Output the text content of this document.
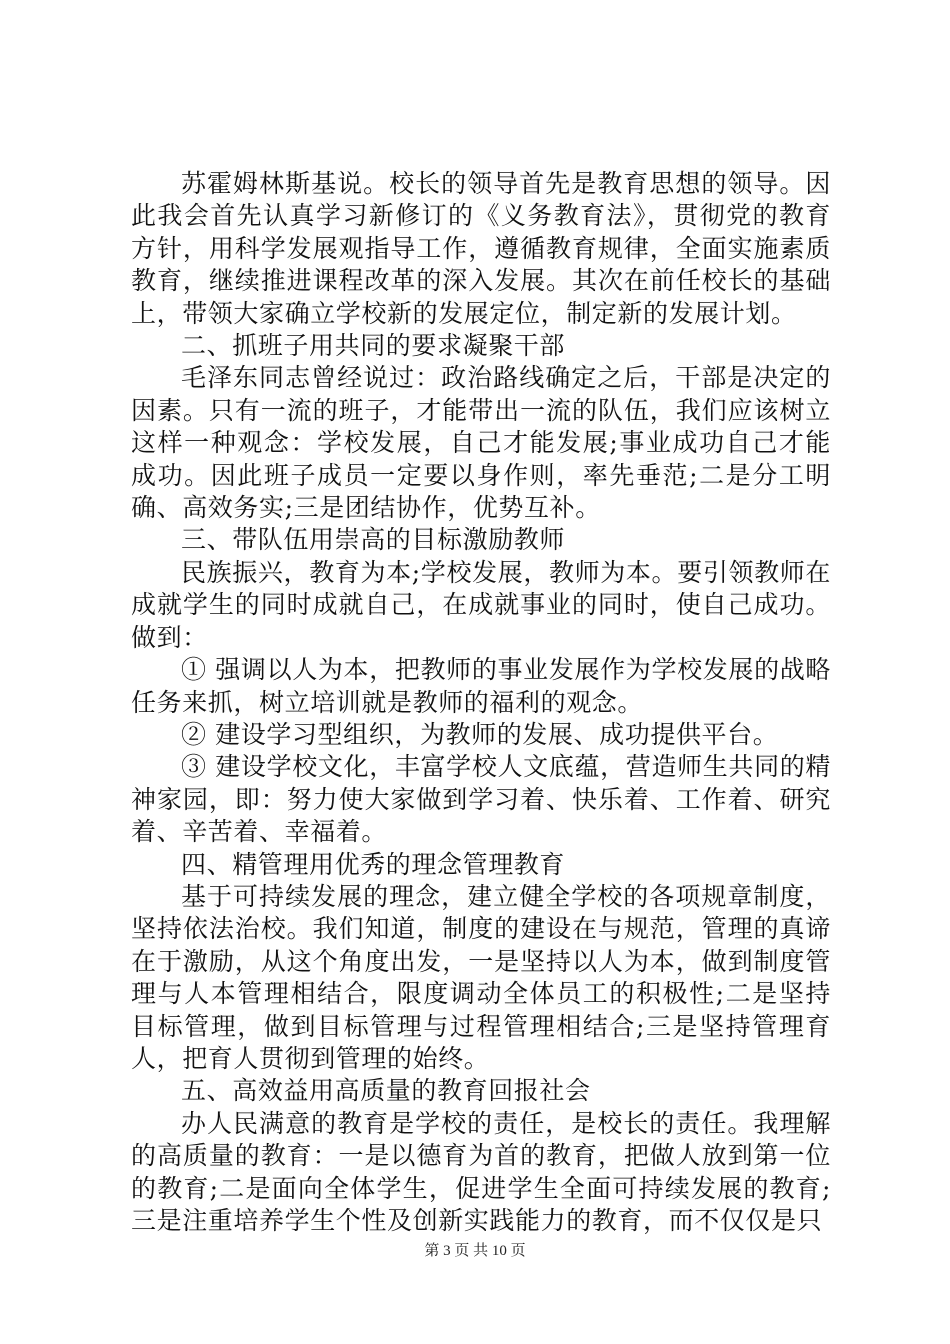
苏霍姆林斯基说。校长的领导首先是教育思想的领导。因此我会首先认真学习新修订的《义务教育法》，贯彻党的教育方针，用科学发展观指导工作，遵循教育规律，全面实施素质教育，继续推进课程改革的深入发展。其次在前任校长的基础上，带领大家确立学校新的发展定位，制定新的发展计划。

二、抓班子用共同的要求凝聚干部

毛泽东同志曾经说过：政治路线确定之后，干部是决定的因素。只有一流的班子，才能带出一流的队伍，我们应该树立这样一种观念：学校发展，自己才能发展;事业成功自己才能成功。因此班子成员一定要以身作则，率先垂范;二是分工明确、高效务实;三是团结协作，优势互补。

三、带队伍用崇高的目标激励教师

民族振兴，教育为本;学校发展，教师为本。要引领教师在成就学生的同时成就自己，在成就事业的同时，使自己成功。做到：

① 强调以人为本，把教师的事业发展作为学校发展的战略任务来抓，树立培训就是教师的福利的观念。

② 建设学习型组织，为教师的发展、成功提供平台。

③ 建设学校文化，丰富学校人文底蕴，营造师生共同的精神家园，即：努力使大家做到学习着、快乐着、工作着、研究着、辛苦着、幸福着。

四、精管理用优秀的理念管理教育

基于可持续发展的理念，建立健全学校的各项规章制度，坚持依法治校。我们知道，制度的建设在与规范，管理的真谛在于激励，从这个角度出发，一是坚持以人为本，做到制度管理与人本管理相结合，限度调动全体员工的积极性;二是坚持目标管理，做到目标管理与过程管理相结合;三是坚持管理育人，把育人贯彻到管理的始终。

五、高效益用高质量的教育回报社会

办人民满意的教育是学校的责任，是校长的责任。我理解的高质量的教育：一是以德育为首的教育，把做人放到第一位的教育;二是面向全体学生，促进学生全面可持续发展的教育;三是注重培养学生个性及创新实践能力的教育，而不仅仅是只

第 3 页 共 10 页
